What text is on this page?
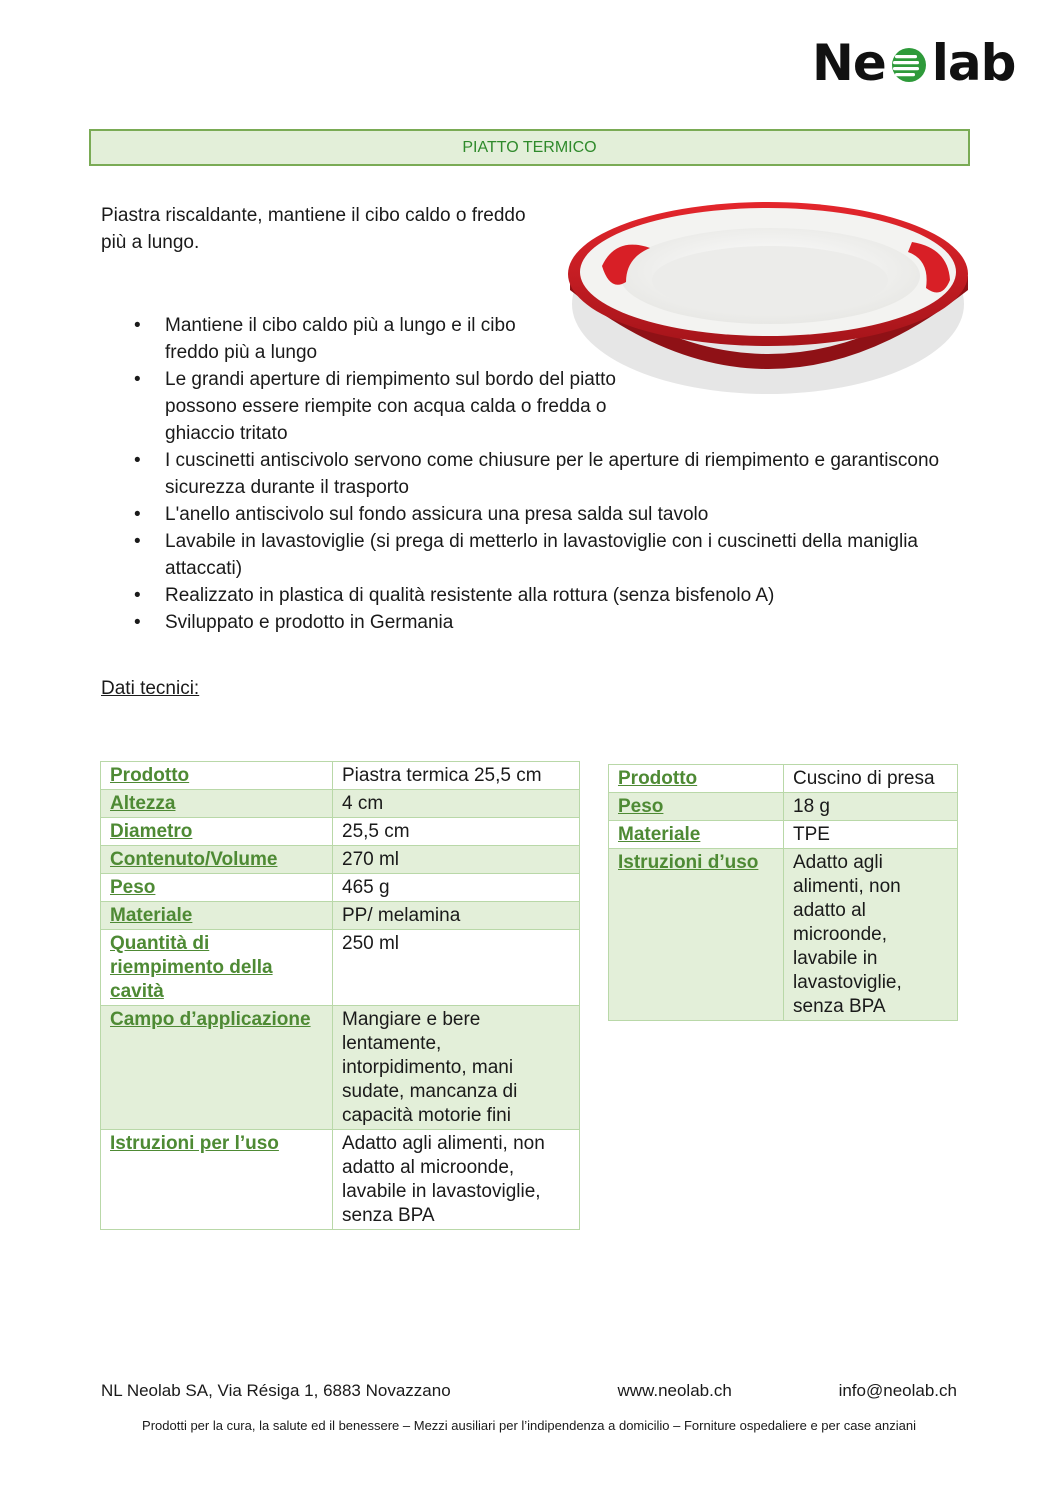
Ne lab
PIATTO TERMICO
Piastra riscaldante, mantiene il cibo caldo o freddo più a lungo.
• Mantiene il cibo caldo più a lungo e il cibo freddo più a lungo
• Le grandi aperture di riempimento sul bordo del piatto possono essere riempite con acqua calda o fredda o ghiaccio tritato
• I cuscinetti antiscivolo servono come chiusure per le aperture di riempimento e garantiscono sicurezza durante il trasporto
• L'anello antiscivolo sul fondo assicura una presa salda sul tavolo
• Lavabile in lavastoviglie (si prega di metterlo in lavastoviglie con i cuscinetti della maniglia attaccati)
• Realizzato in plastica di qualità resistente alla rottura (senza bisfenolo A)
• Sviluppato e prodotto in Germania
Dati tecnici:
Prodotto	Piastra termica 25,5 cm
Altezza	4 cm
Diametro	25,5 cm
Contenuto/Volume	270 ml
Peso	465 g
Materiale	PP/ melamina
Quantità di riempimento della cavità	250 ml
Campo d’applicazione	Mangiare e bere lentamente, intorpidimento, mani sudate, mancanza di capacità motorie fini
Istruzioni per l’uso	Adatto agli alimenti, non adatto al microonde, lavabile in lavastoviglie, senza BPA
Prodotto	Cuscino di presa
Peso	18 g
Materiale	TPE
Istruzioni d’uso	Adatto agli alimenti, non adatto al microonde, lavabile in lavastoviglie, senza BPA
NL Neolab SA, Via Résiga 1, 6883 Novazzano	www.neolab.ch	info@neolab.ch
Prodotti per la cura, la salute ed il benessere – Mezzi ausiliari per l’indipendenza a domicilio – Forniture ospedaliere e per case anziani
